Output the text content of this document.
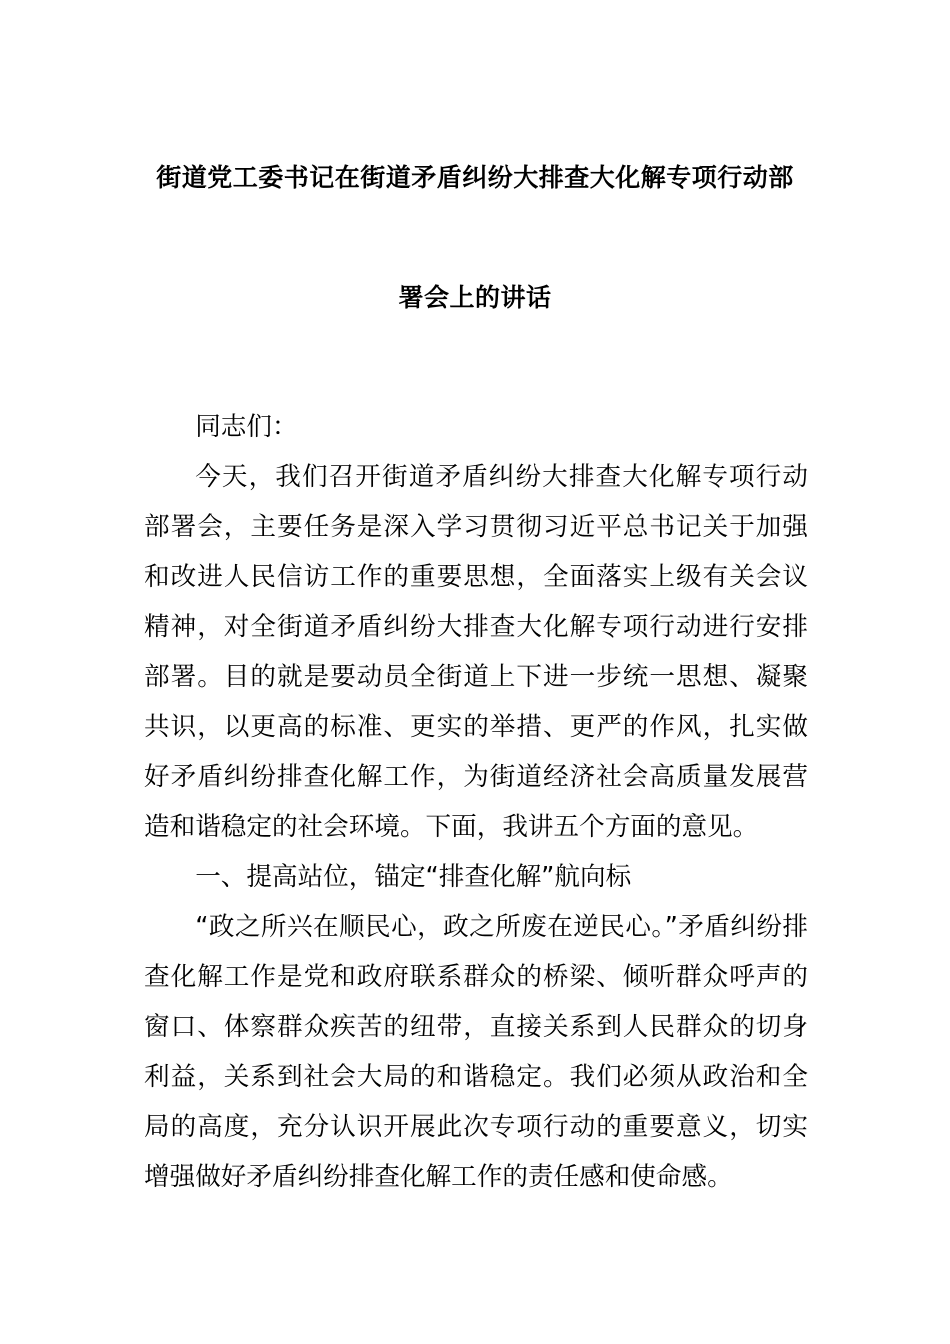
街道党工委书记在街道矛盾纠纷大排查大化解专项行动部
署会上的讲话

同志们：

今天，我们召开街道矛盾纠纷大排查大化解专项行动部署会，主要任务是深入学习贯彻习近平总书记关于加强和改进人民信访工作的重要思想，全面落实上级有关会议精神，对全街道矛盾纠纷大排查大化解专项行动进行安排部署。目的就是要动员全街道上下进一步统一思想、凝聚共识，以更高的标准、更实的举措、更严的作风，扎实做好矛盾纠纷排查化解工作，为街道经济社会高质量发展营造和谐稳定的社会环境。下面，我讲五个方面的意见。

一、提高站位，锚定“排查化解”航向标

“政之所兴在顺民心，政之所废在逆民心。”矛盾纠纷排查化解工作是党和政府联系群众的桥梁、倾听群众呼声的窗口、体察群众疾苦的纽带，直接关系到人民群众的切身利益，关系到社会大局的和谐稳定。我们必须从政治和全局的高度，充分认识开展此次专项行动的重要意义，切实增强做好矛盾纠纷排查化解工作的责任感和使命感。
